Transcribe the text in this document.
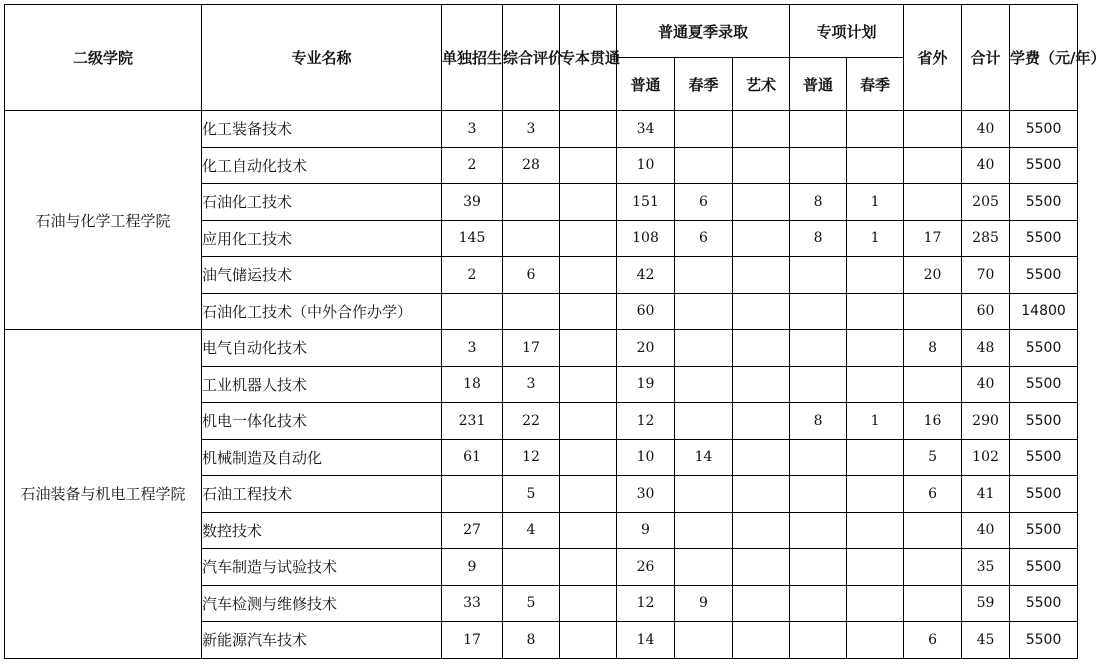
二级学院	专业名称	单独招生	综合评价	专本贯通	普通夏季录取			专项计划		省外	合计	学费（元/年）
					普通	春季	艺术	普通	春季			
石油与化学工程学院	化工装备技术	3	3		34						40	5500
	化工自动化技术	2	28		10						40	5500
	石油化工技术	39			151	6		8	1		205	5500
	应用化工技术	145			108	6		8	1	17	285	5500
	油气储运技术	2	6		42					20	70	5500
	石油化工技术（中外合作办学）				60						60	14800
石油装备与机电工程学院	电气自动化技术	3	17		20					8	48	5500
	工业机器人技术	18	3		19						40	5500
	机电一体化技术	231	22		12			8	1	16	290	5500
	机械制造及自动化	61	12		10	14				5	102	5500
	石油工程技术		5		30					6	41	5500
	数控技术	27	4		9						40	5500
	汽车制造与试验技术	9			26						35	5500
	汽车检测与维修技术	33	5		12	9					59	5500
	新能源汽车技术	17	8		14					6	45	5500
